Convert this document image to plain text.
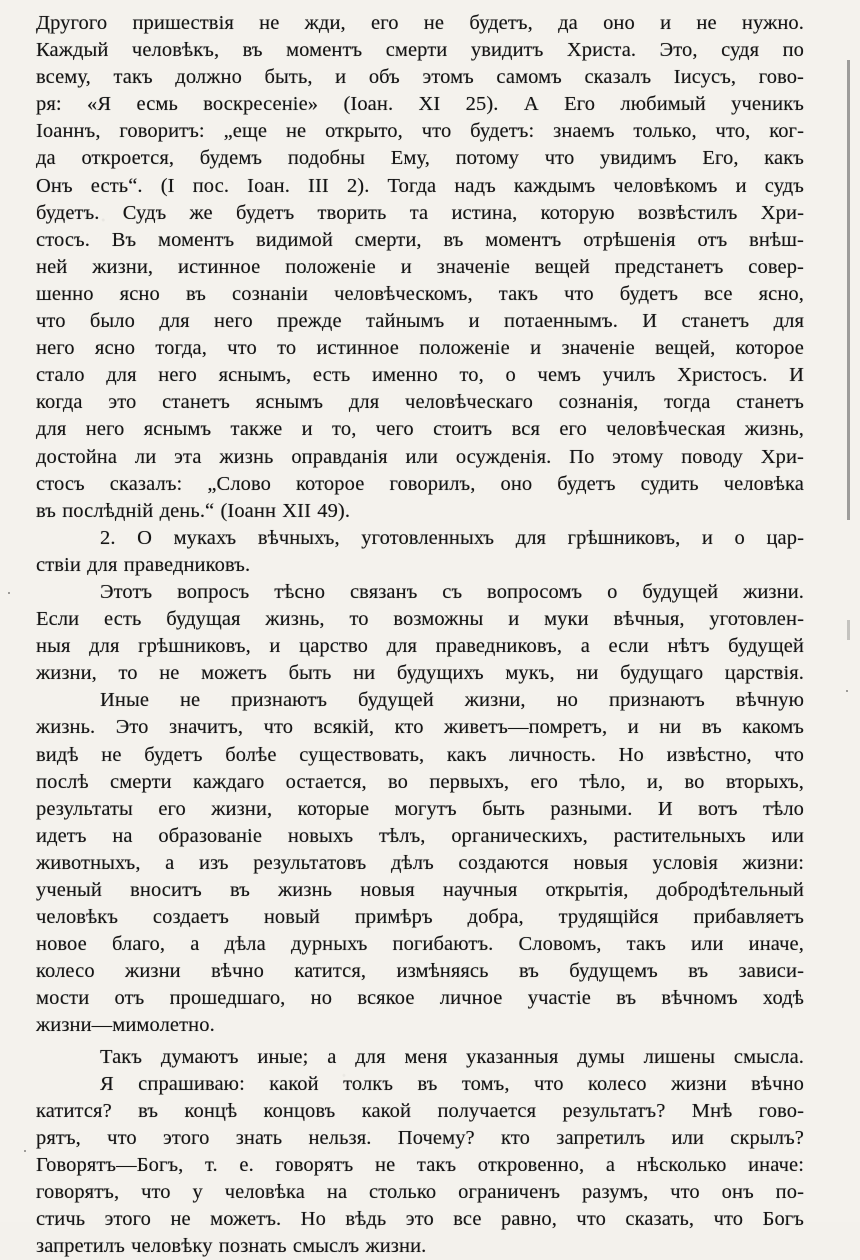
Другого пришествія не жди, его не будетъ, да оно и не нужно.
Каждый человѣкъ, въ моментъ смерти увидитъ Христа. Это, судя по
всему, такъ должно быть, и объ этомъ самомъ сказалъ Іисусъ, гово-
ря: «Я есмь воскресеніе» (Іоан. XI 25). А Его любимый ученикъ
Іоаннъ, говоритъ: „еще не открыто, что будетъ: знаемъ только, что, ког-
да откроется, будемъ подобны Ему, потому что увидимъ Его, какъ
Онъ есть“. (І пос. Іоан. III 2). Тогда надъ каждымъ человѣкомъ и судъ
будетъ. Судъ же будетъ творить та истина, которую возвѣстилъ Хри-
стосъ. Въ моментъ видимой смерти, въ моментъ отрѣшенія отъ внѣш-
ней жизни, истинное положеніе и значеніе вещей предстанетъ совер-
шенно ясно въ сознаніи человѣческомъ, такъ что будетъ все ясно,
что было для него прежде тайнымъ и потаеннымъ. И станетъ для
него ясно тогда, что то истинное положеніе и значеніе вещей, которое
стало для него яснымъ, есть именно то, о чемъ училъ Христосъ. И
когда это станетъ яснымъ для человѣческаго сознанія, тогда станетъ
для него яснымъ также и то, чего стоитъ вся его человѣческая жизнь,
достойна ли эта жизнь оправданія или осужденія. По этому поводу Хри-
стосъ сказалъ: „Слово которое говорилъ, оно будетъ судить человѣка
въ послѣдній день.“ (Іоанн XII 49).
2. О мукахъ вѣчныхъ, уготовленныхъ для грѣшниковъ, и о цар-
ствіи для праведниковъ.
Этотъ вопросъ тѣсно связанъ съ вопросомъ о будущей жизни.
Если есть будущая жизнь, то возможны и муки вѣчныя, уготовлен-
ныя для грѣшниковъ, и царство для праведниковъ, а если нѣтъ будущей
жизни, то не можетъ быть ни будущихъ мукъ, ни будущаго царствія.
Иные не признаютъ будущей жизни, но признаютъ вѣчную
жизнь. Это значитъ, что всякій, кто живетъ—помретъ, и ни въ какомъ
видѣ не будетъ болѣе существовать, какъ личность. Но извѣстно, что
послѣ смерти каждаго остается, во первыхъ, его тѣло, и, во вторыхъ,
результаты его жизни, которые могутъ быть разными. И вотъ тѣло
идетъ на образованіе новыхъ тѣлъ, органическихъ, растительныхъ или
животныхъ, а изъ результатовъ дѣлъ создаются новыя условія жизни:
ученый вноситъ въ жизнь новыя научныя открытія, добродѣтельный
человѣкъ создаетъ новый примѣръ добра, трудящійся прибавляетъ
новое благо, а дѣла дурныхъ погибаютъ. Словомъ, такъ или иначе,
колесо жизни вѣчно катится, измѣняясь въ будущемъ въ зависи-
мости отъ прошедшаго, но всякое личное участіе въ вѣчномъ ходѣ
жизни—мимолетно.
Такъ думаютъ иные; а для меня указанныя думы лишены смысла.
Я спрашиваю: какой толкъ въ томъ, что колесо жизни вѣчно
катится? въ концѣ концовъ какой получается результатъ? Мнѣ гово-
рятъ, что этого знать нельзя. Почему? кто запретилъ или скрылъ?
Говорятъ—Богъ, т. е. говорятъ не такъ откровенно, а нѣсколько иначе:
говорятъ, что у человѣка на столько ограниченъ разумъ, что онъ по-
стичь этого не можетъ. Но вѣдь это все равно, что сказать, что Богъ
запретилъ человѣку познать смыслъ жизни.
